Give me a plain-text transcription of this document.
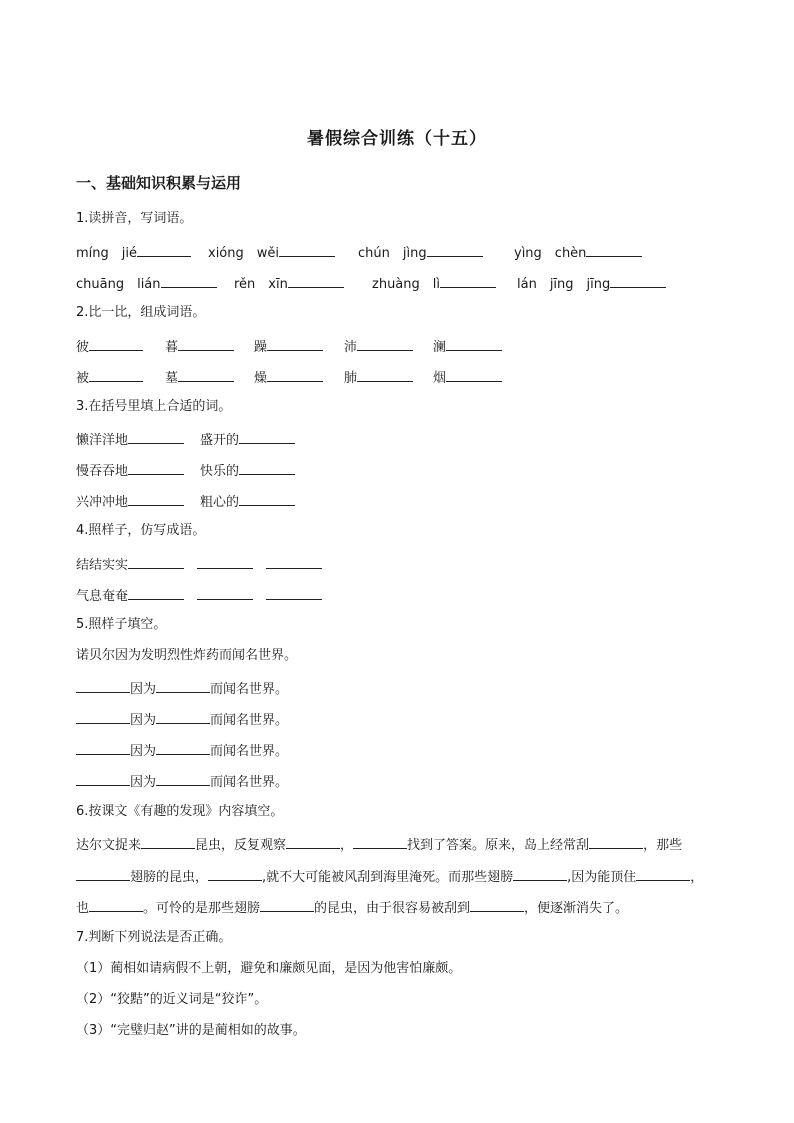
暑假综合训练（十五）
一、基础知识积累与运用
1.读拼音，写词语。
míng　jié	xióng　wěi	chún　jìng	yìng　chèn
chuāng　lián	rěn　xīn	zhuàng　lì	lán　jīng　jīng
2.比一比，组成词语。
彼	暮	躁	沛	澜
被	墓	燥	肺	烟
3.在括号里填上合适的词。
懒洋洋地	盛开的
慢吞吞地	快乐的
兴冲冲地	粗心的
4.照样子，仿写成语。
结结实实　　
气息奄奄　　
5.照样子填空。
诺贝尔因为发明烈性炸药而闻名世界。
因为	而闻名世界。
因为	而闻名世界。
因为	而闻名世界。
因为	而闻名世界。
6.按课文《有趣的发现》内容填空。
达尔文捉来	昆虫，反复观察	，	找到了答案。原来，岛上经常刮	，那些
翅膀的昆虫，	,就不大可能被风刮到海里淹死。而那些翅膀	,因为能顶住	，
也	。可怜的是那些翅膀	的昆虫，由于很容易被刮到	，便逐渐消失了。
7.判断下列说法是否正确。
（1）蔺相如请病假不上朝，避免和廉颇见面，是因为他害怕廉颇。
（2）“狡黠”的近义词是“狡诈”。
（3）“完璧归赵”讲的是蔺相如的故事。
